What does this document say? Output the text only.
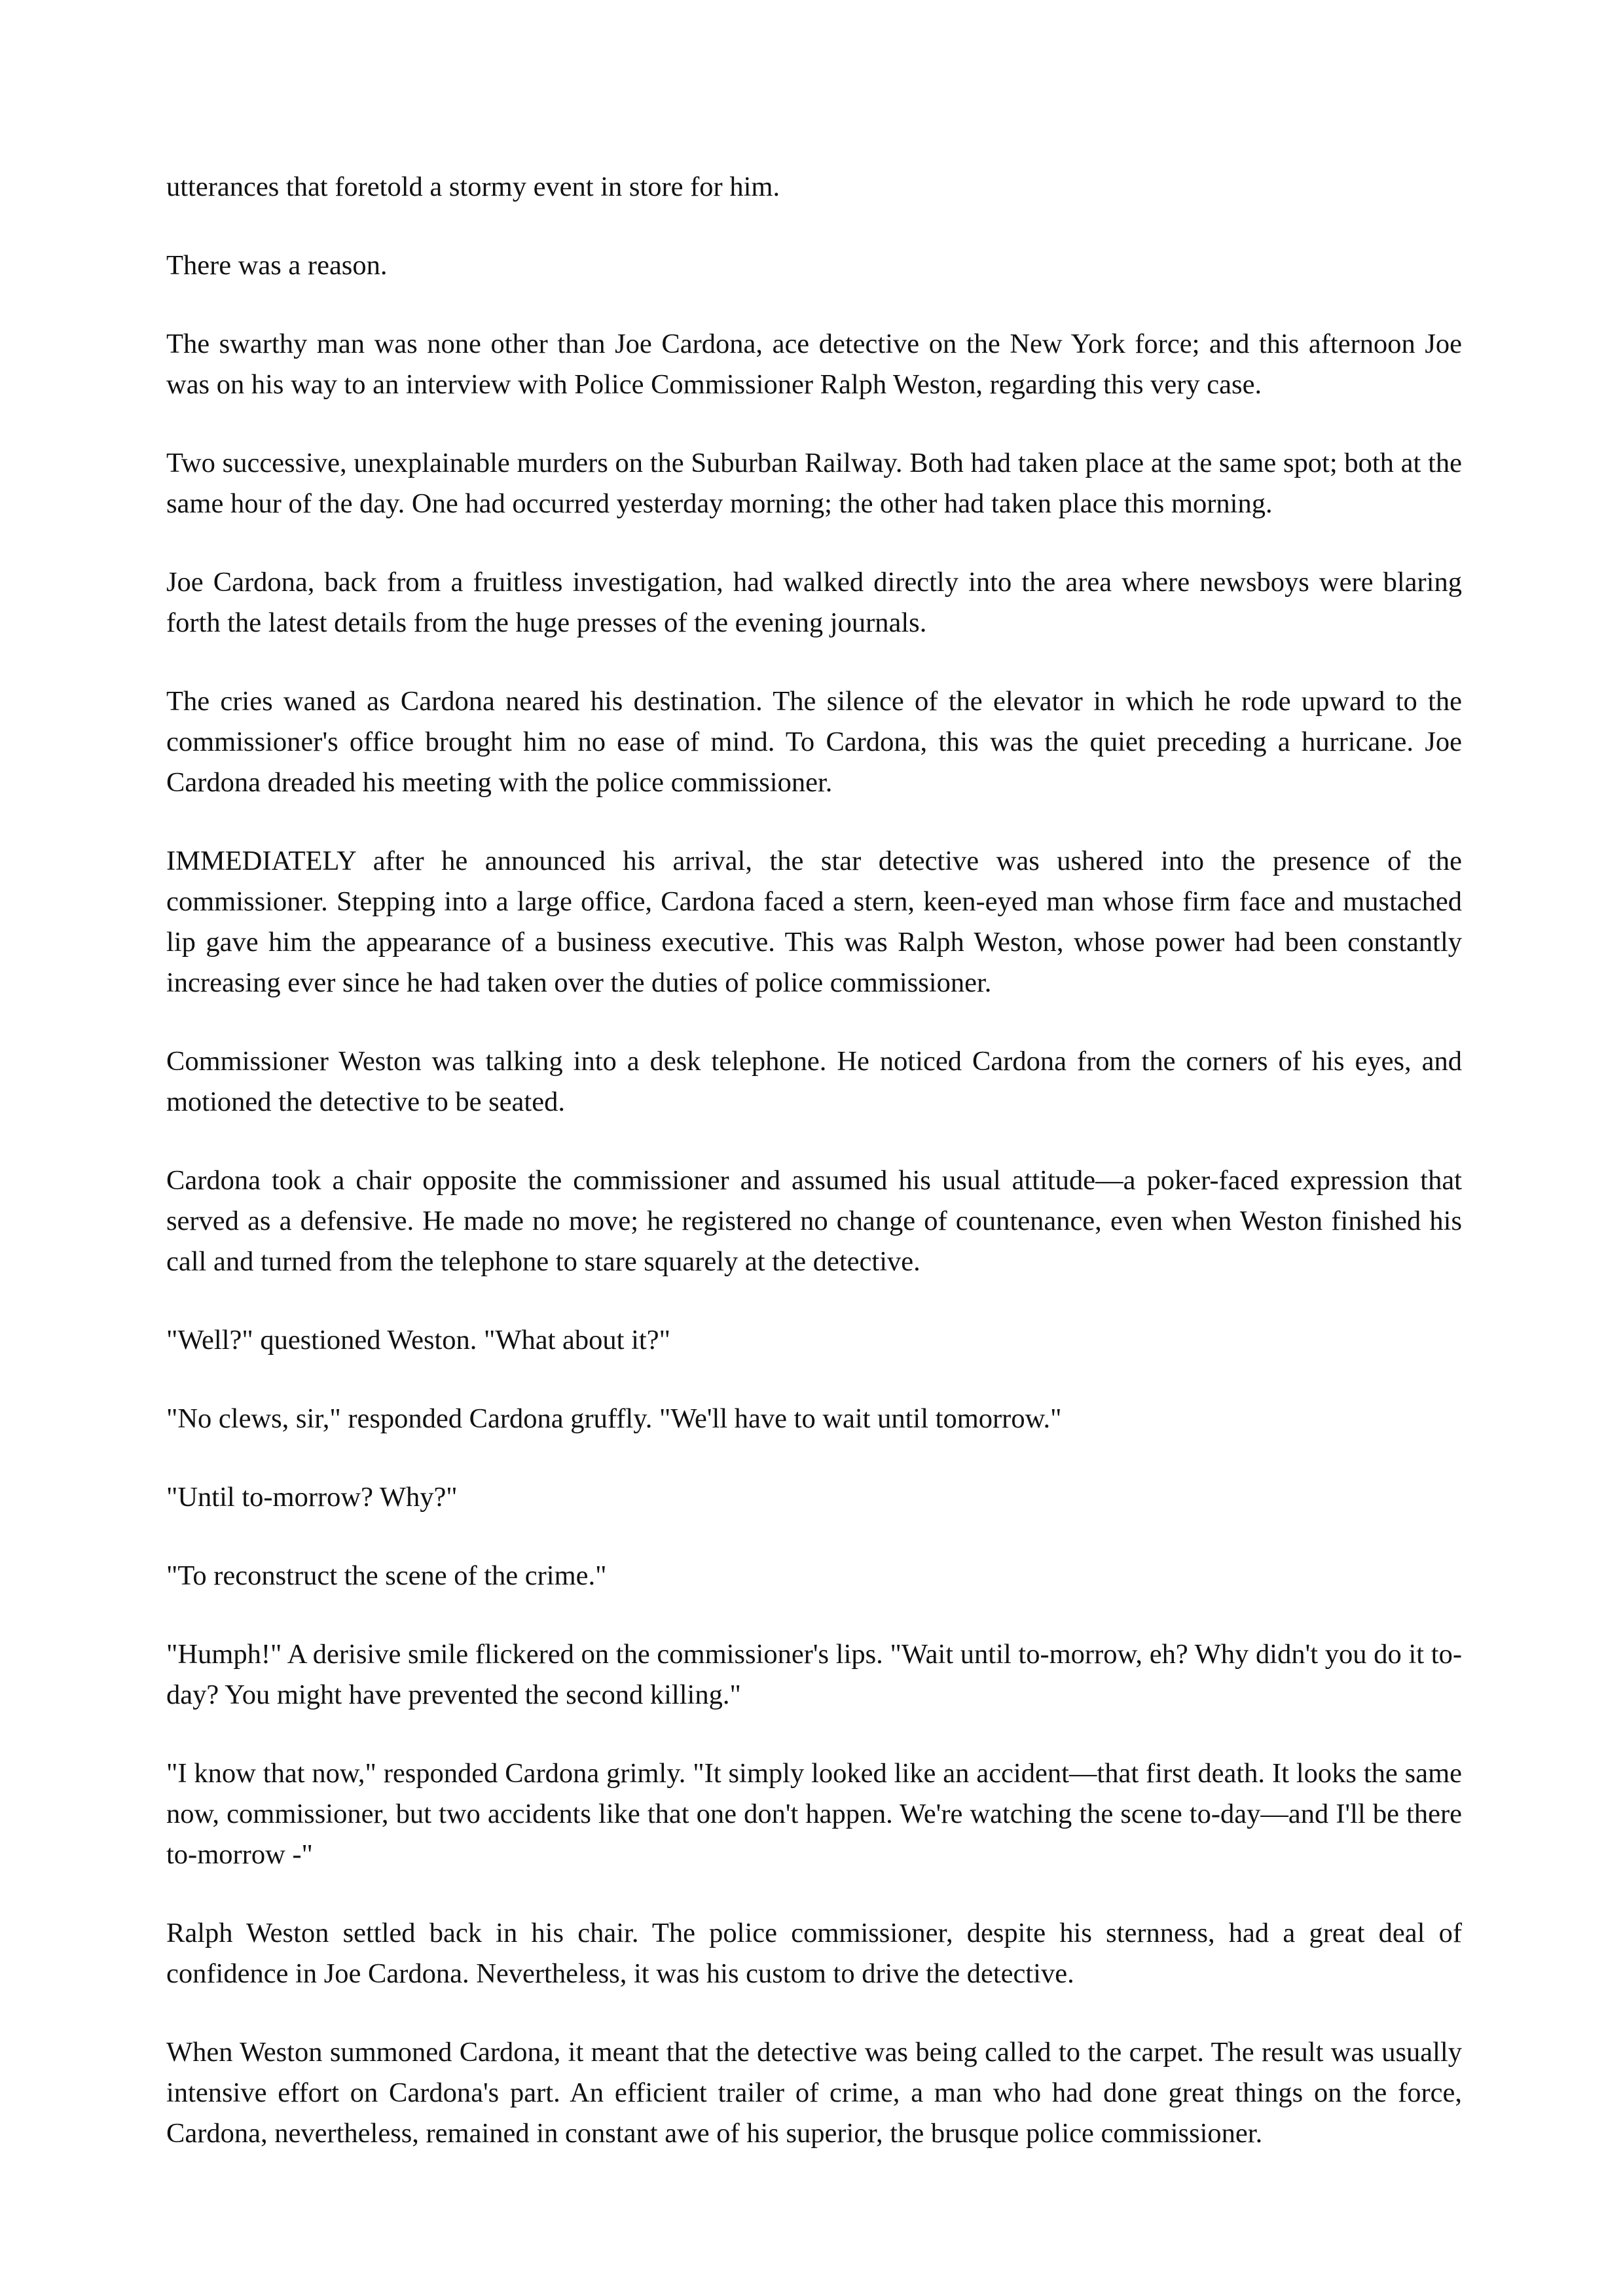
utterances that foretold a stormy event in store for him.

There was a reason.

The swarthy man was none other than Joe Cardona, ace detective on the New York force; and this afternoon Joe was on his way to an interview with Police Commissioner Ralph Weston, regarding this very case.

Two successive, unexplainable murders on the Suburban Railway. Both had taken place at the same spot; both at the same hour of the day. One had occurred yesterday morning; the other had taken place this morning.

Joe Cardona, back from a fruitless investigation, had walked directly into the area where newsboys were blaring forth the latest details from the huge presses of the evening journals.

The cries waned as Cardona neared his destination. The silence of the elevator in which he rode upward to the commissioner's office brought him no ease of mind. To Cardona, this was the quiet preceding a hurricane. Joe Cardona dreaded his meeting with the police commissioner.

IMMEDIATELY after he announced his arrival, the star detective was ushered into the presence of the commissioner. Stepping into a large office, Cardona faced a stern, keen-eyed man whose firm face and mustached lip gave him the appearance of a business executive. This was Ralph Weston, whose power had been constantly increasing ever since he had taken over the duties of police commissioner.

Commissioner Weston was talking into a desk telephone. He noticed Cardona from the corners of his eyes, and motioned the detective to be seated.

Cardona took a chair opposite the commissioner and assumed his usual attitude—a poker-faced expression that served as a defensive. He made no move; he registered no change of countenance, even when Weston finished his call and turned from the telephone to stare squarely at the detective.

"Well?" questioned Weston. "What about it?"

"No clews, sir," responded Cardona gruffly. "We'll have to wait until tomorrow."

"Until to-morrow? Why?"

"To reconstruct the scene of the crime."

"Humph!" A derisive smile flickered on the commissioner's lips. "Wait until to-morrow, eh? Why didn't you do it to-day? You might have prevented the second killing."

"I know that now," responded Cardona grimly. "It simply looked like an accident—that first death. It looks the same now, commissioner, but two accidents like that one don't happen. We're watching the scene to-day—and I'll be there to-morrow -"

Ralph Weston settled back in his chair. The police commissioner, despite his sternness, had a great deal of confidence in Joe Cardona. Nevertheless, it was his custom to drive the detective.

When Weston summoned Cardona, it meant that the detective was being called to the carpet. The result was usually intensive effort on Cardona's part. An efficient trailer of crime, a man who had done great things on the force, Cardona, nevertheless, remained in constant awe of his superior, the brusque police commissioner.
